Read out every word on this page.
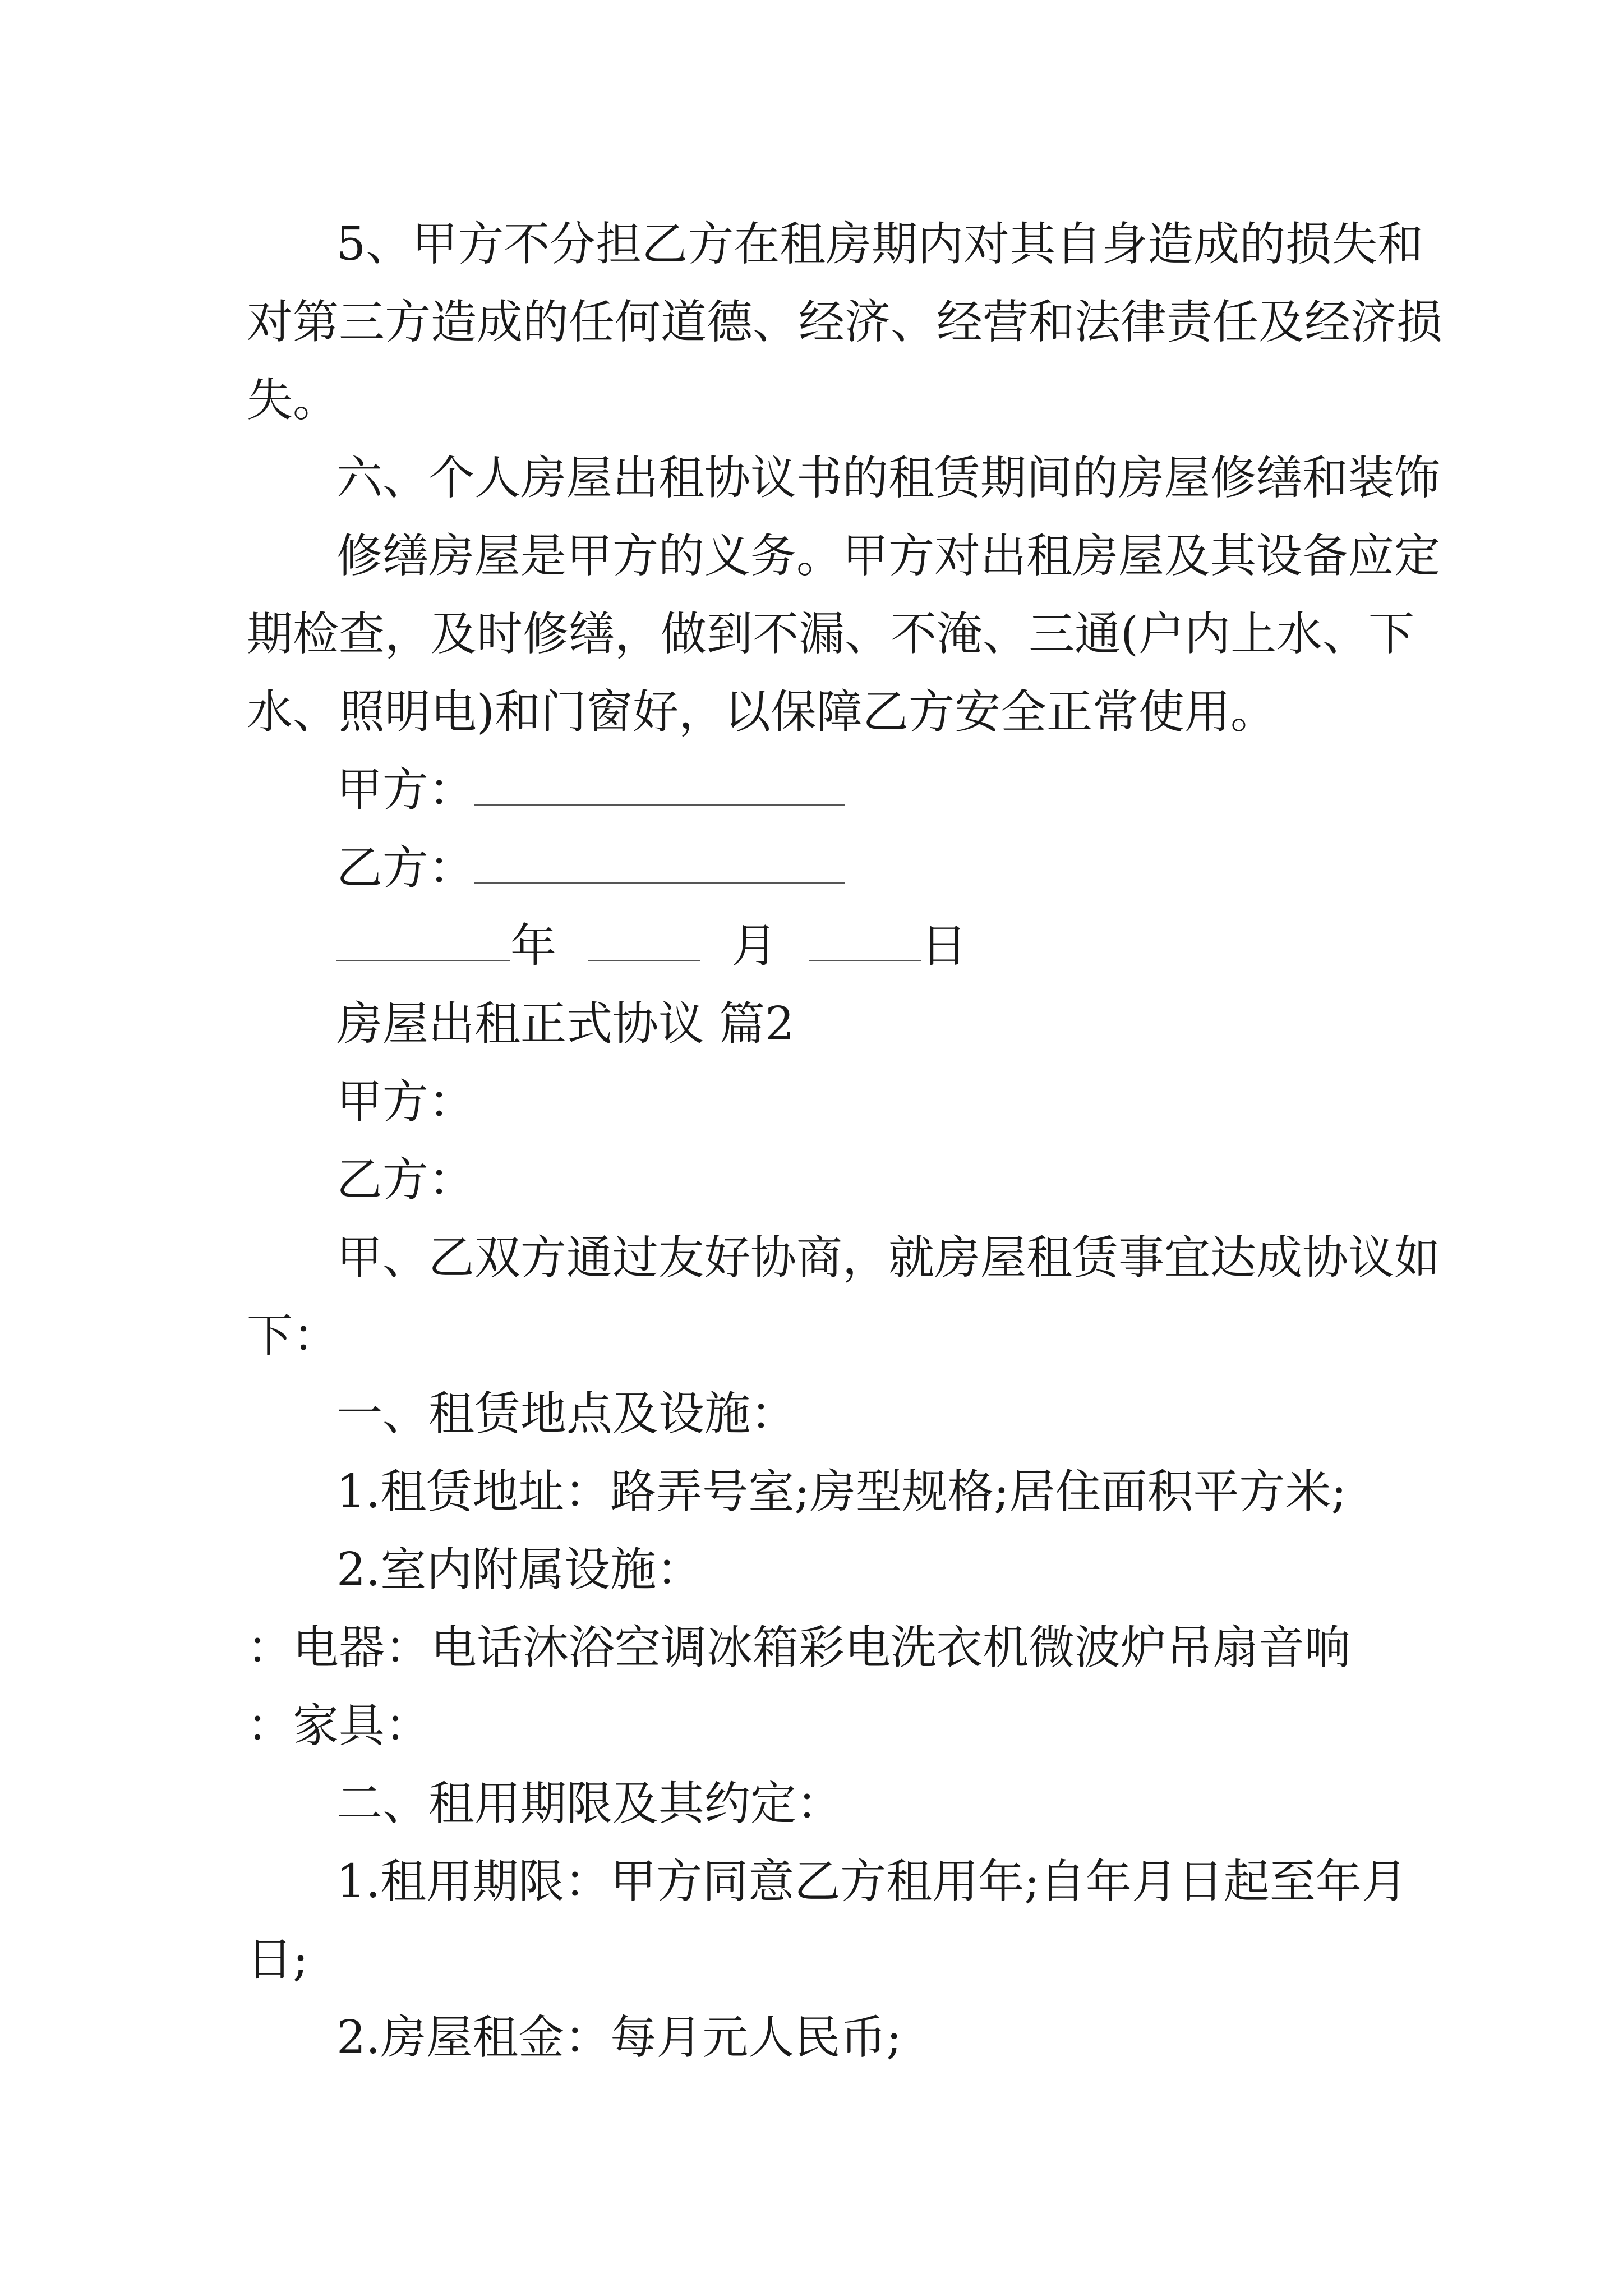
5、甲方不分担乙方在租房期内对其自身造成的损失和
对第三方造成的任何道德、经济、经营和法律责任及经济损
失。
六、个人房屋出租协议书的租赁期间的房屋修缮和装饰
修缮房屋是甲方的义务。甲方对出租房屋及其设备应定
期检查，及时修缮，做到不漏、不淹、三通(户内上水、下
水、照明电)和门窗好，以保障乙方安全正常使用。
甲方：
乙方：
年	月	日
房屋出租正式协议 篇2
甲方：
乙方：
甲、乙双方通过友好协商，就房屋租赁事宜达成协议如
下：
一、租赁地点及设施：
1.租赁地址：路弄号室;房型规格;居住面积平方米;
2.室内附属设施：
：电器：电话沐浴空调冰箱彩电洗衣机微波炉吊扇音响
：家具：
二、租用期限及其约定：
1.租用期限：甲方同意乙方租用年;自年月日起至年月
日;
2.房屋租金：每月元人民币;
